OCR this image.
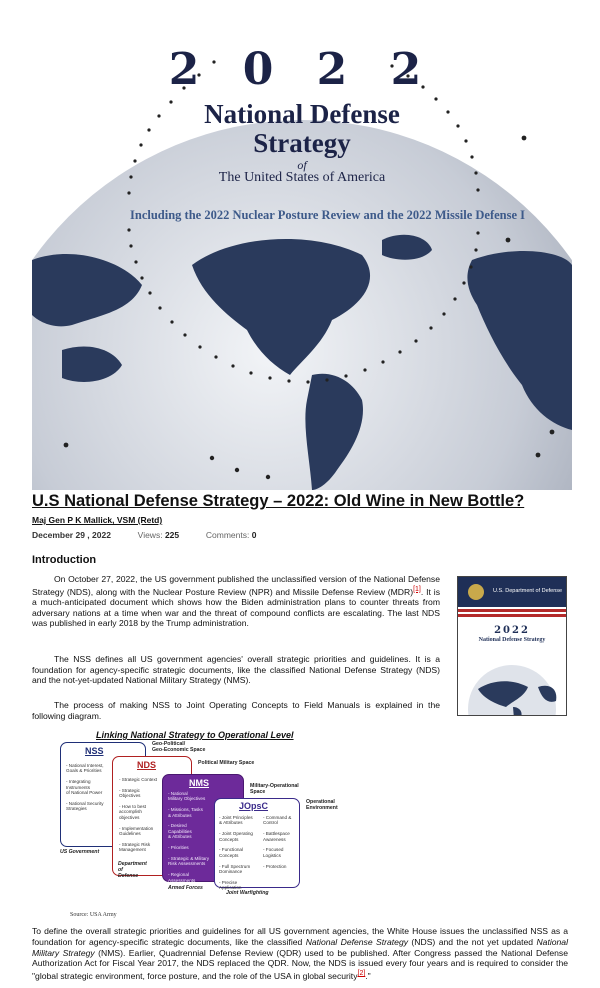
2 0 2 2
National Defense
Strategy
of
The United States of America
Including the 2022 Nuclear Posture Review and the 2022 Missile Defense I
U.S National Defense Strategy – 2022: Old Wine in New Bottle?
Maj Gen P K Mallick, VSM (Retd)
December 29 , 2022	Views: 225	Comments: 0
Introduction

On October 27, 2022, the US government published the unclassified version of the National Defense Strategy (NDS), along with the Nuclear Posture Review (NPR) and Missile Defense Review (MDR)[1]. It is a much-anticipated document which shows how the Biden administration plans to counter threats from adversary nations at a time when war and the threat of compound conflicts are escalating. The last NDS was published in early 2018 by the Trump administration.

The NSS defines all US government agencies' overall strategic priorities and guidelines. It is a foundation for agency-specific strategic documents, like the classified National Defense Strategy (NDS) and the not-yet-updated National Military Strategy (NMS).

The process of making NSS to Joint Operating Concepts to Field Manuals is explained in the following diagram.

U.S. Department of Defense
2022
National Defense Strategy
Linking National Strategy to Operational Level
NSS
- National Interest,
Goals & Priorities

- Integrating
Instruments
of National Power

- National Security
Strategies
NDS
- Strategic Context

- Strategic
Objectives

- How to best
accomplish
objectives

- Implementation
Guidelines

- Strategic Risk
Management
NMS
- National
Military Objectives

- Missions, Tasks
& Attributes

- Desired
Capabilities
& Attributes

- Priorities

- Strategic & Military
Risk Assessments

- Regional
Assessments
JOpsC
- Joint Principles
& Attributes

- Joint Operating
Concepts

- Functional
Concepts

- Full Spectrum
Dominance

- Precise
Application
- Command &
Control

- Battlespace
Awareness

- Focused
Logistics

- Protection
Geo-Political/
Geo-Economic Space
Political Military Space
Military-Operational
Space
Operational
Environment
US Government
Department
of
Defense
Armed Forces
Joint Warfighting
Source: USA Army

To define the overall strategic priorities and guidelines for all US government agencies, the White House issues the unclassified NSS as a foundation for agency-specific strategic documents, like the classified National Defense Strategy (NDS) and the not yet updated National Military Strategy (NMS). Earlier, Quadrennial Defense Review (QDR) used to be published. After Congress passed the National Defense Authorization Act for Fiscal Year 2017, the NDS replaced the QDR. Now, the NDS is issued every four years and is required to consider the "global strategic environment, force posture, and the role of the USA in global security[2]."
